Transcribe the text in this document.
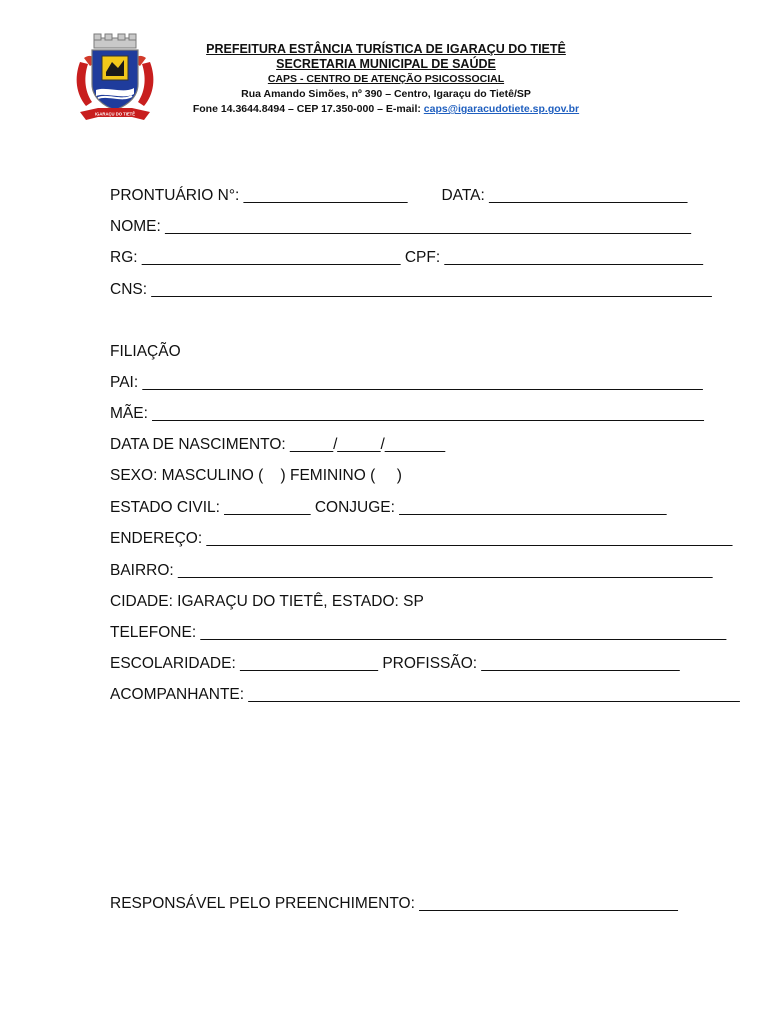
IGARAÇU DO TIETÊ
PREFEITURA ESTÂNCIA TURÍSTICA DE IGARAÇU DO TIETÊ
SECRETARIA MUNICIPAL DE SAÚDE
CAPS - CENTRO DE ATENÇÃO PSICOSSOCIAL
Rua Amando Simões, nº 390 – Centro, Igaraçu do Tietê/SP
Fone 14.3644.8494 – CEP 17.350-000 – E-mail: caps@igaracudotiete.sp.gov.br
PRONTUÁRIO N°: ___________________ DATA: _______________________
NOME: _____________________________________________________________
RG: ______________________________ CPF: ______________________________
CNS: _________________________________________________________________
FILIAÇÃO
PAI: _________________________________________________________________
MÃE: ________________________________________________________________
DATA DE NASCIMENTO: _____/_____/_______
SEXO: MASCULINO (    ) FEMININO (     )
ESTADO CIVIL: __________ CONJUGE: _______________________________
ENDEREÇO: _____________________________________________________________
BAIRRO: ______________________________________________________________
CIDADE: IGARAÇU DO TIETÊ, ESTADO: SP
TELEFONE: _____________________________________________________________
ESCOLARIDADE: ________________ PROFISSÃO: _______________________
ACOMPANHANTE: _________________________________________________________
RESPONSÁVEL PELO PREENCHIMENTO: ______________________________
